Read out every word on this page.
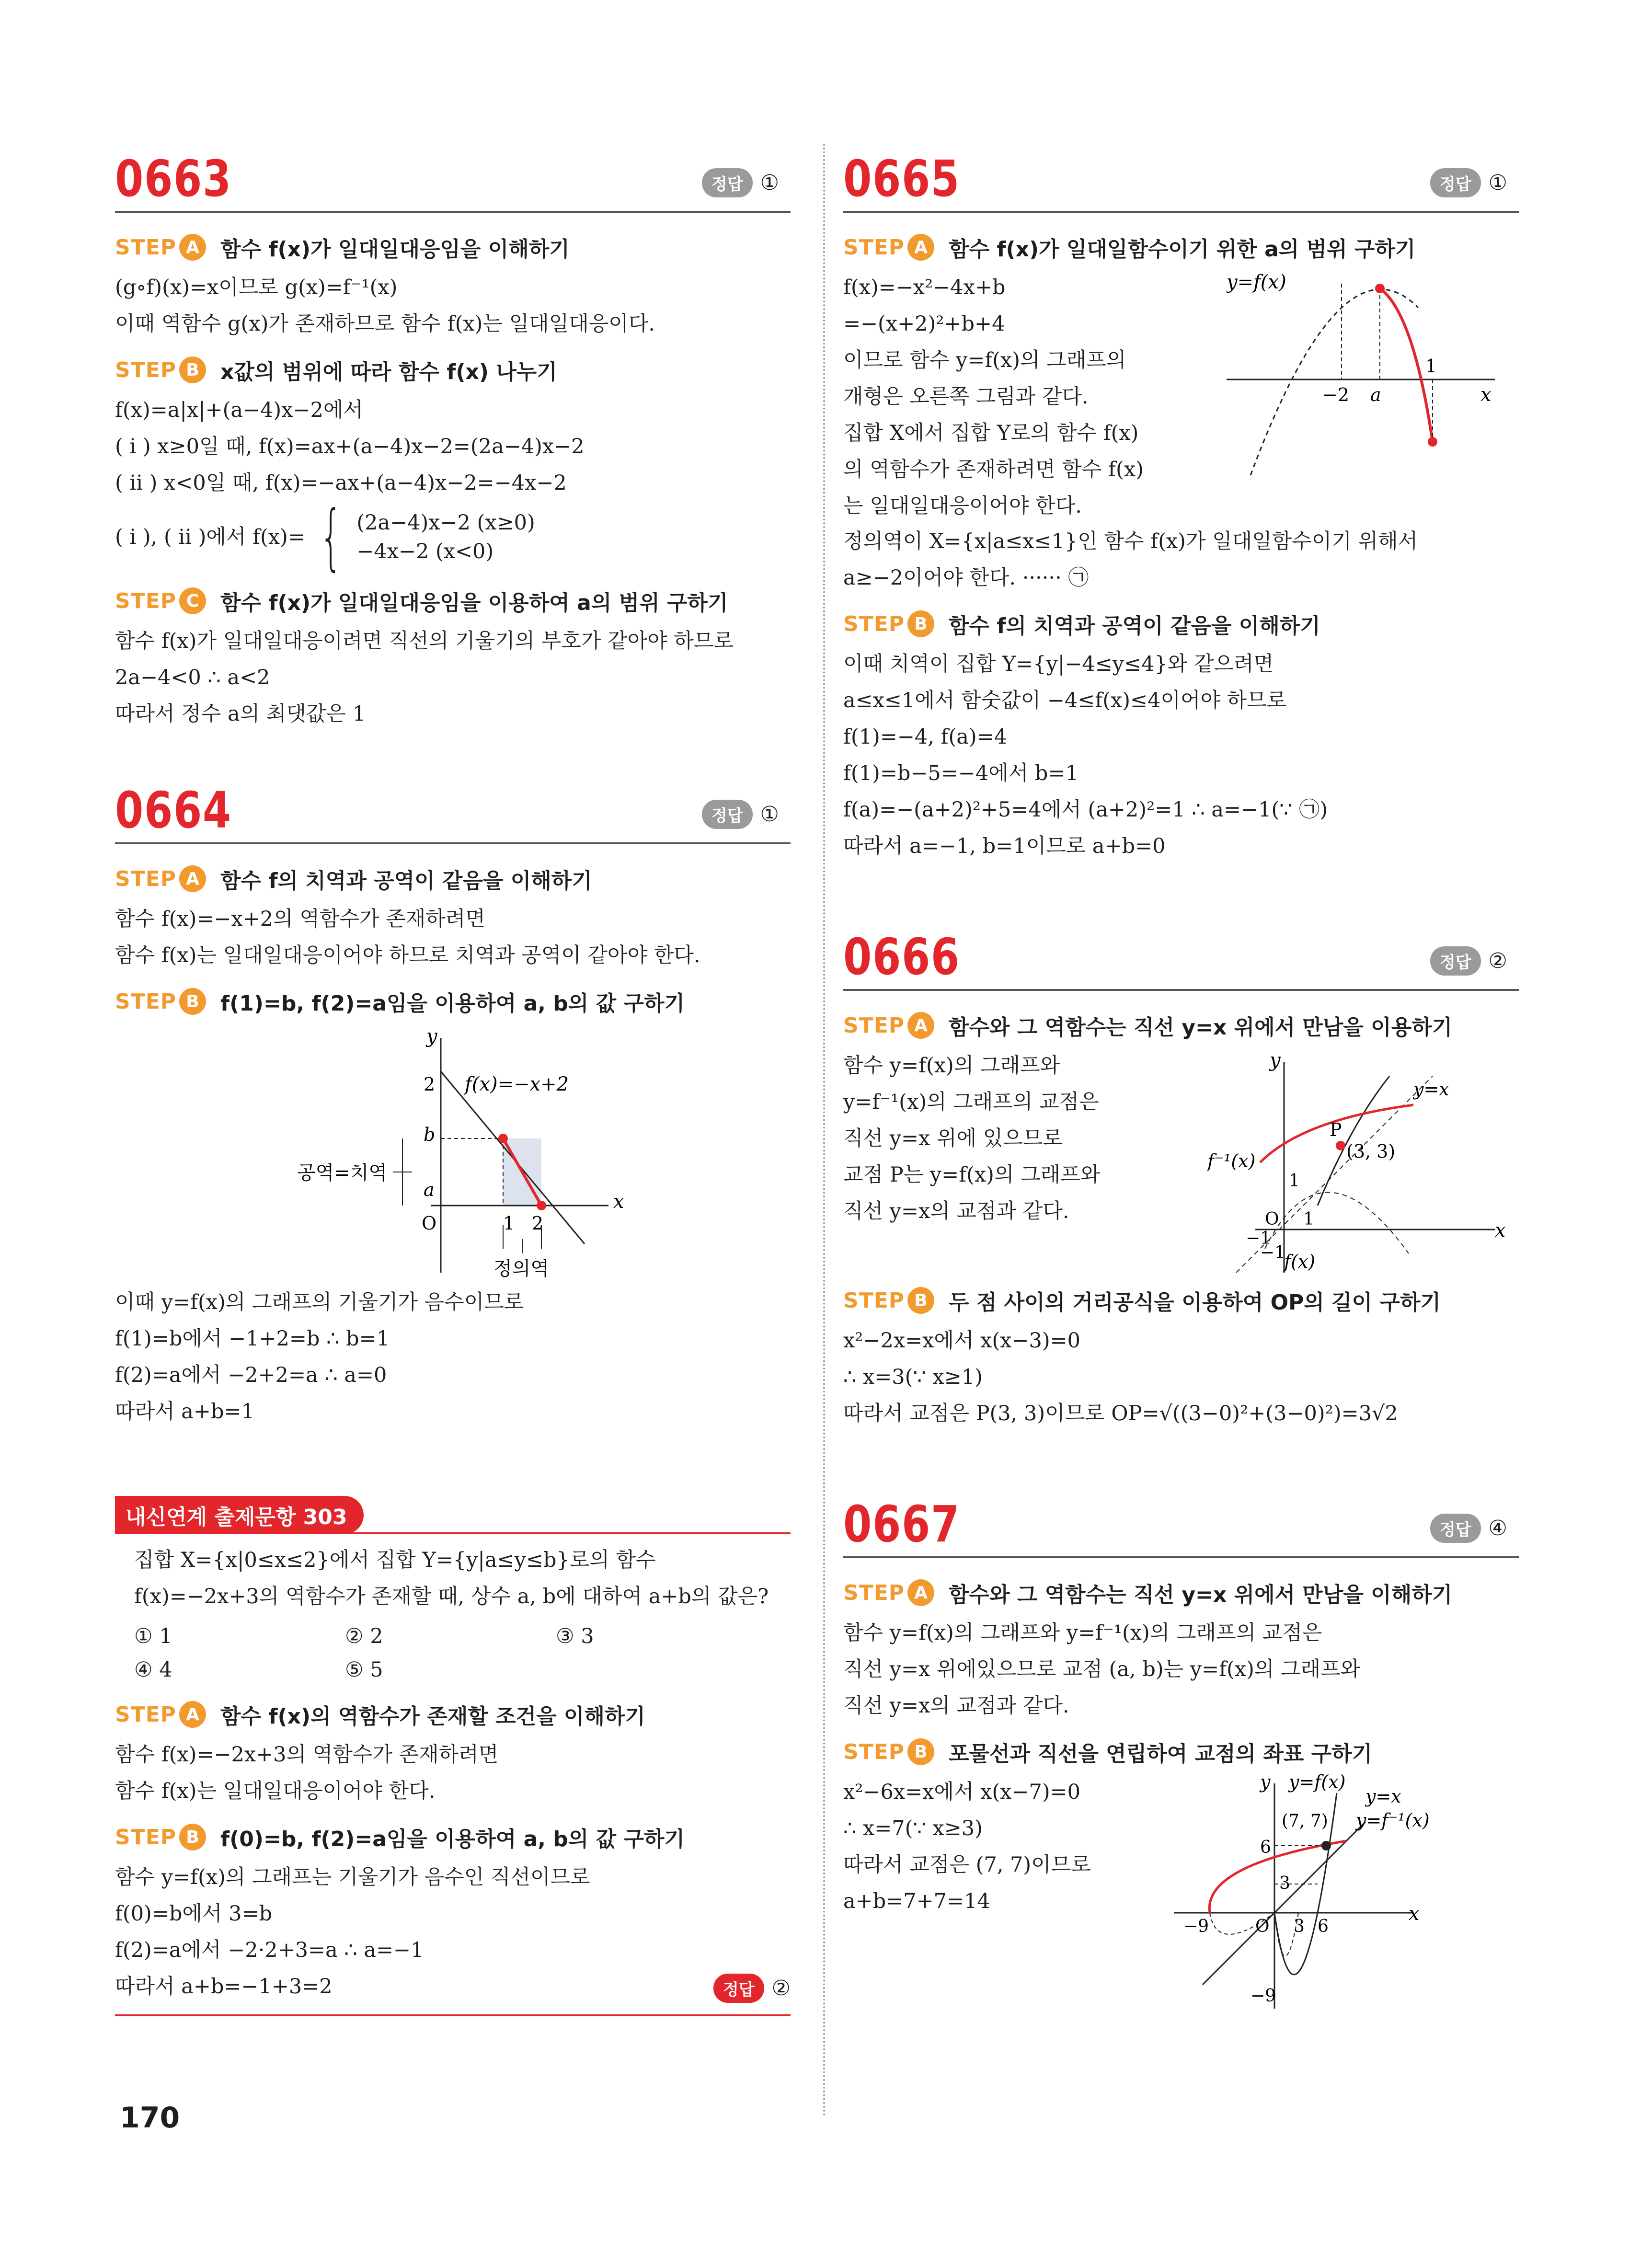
0663	정답 ①
STEP A	함수 f(x)가 일대일대응임을 이해하기
(g∘f)(x)=x이므로 g(x)=f⁻¹(x)
이때 역함수 g(x)가 존재하므로 함수 f(x)는 일대일대응이다.
STEP B	x값의 범위에 따라 함수 f(x) 나누기
f(x)=a|x|+(a−4)x−2에서
( i ) x≥0일 때, f(x)=ax+(a−4)x−2=(2a−4)x−2
( ii ) x<0일 때, f(x)=−ax+(a−4)x−2=−4x−2
( i ), ( ii )에서 f(x)= { (2a−4)x−2 (x≥0)
−4x−2 (x<0)
STEP C	함수 f(x)가 일대일대응임을 이용하여 a의 범위 구하기
함수 f(x)가 일대일대응이려면 직선의 기울기의 부호가 같아야 하므로
2a−4<0 ∴ a<2
따라서 정수 a의 최댓값은 1
0664	정답 ①
STEP A	함수 f의 치역과 공역이 같음을 이해하기
함수 f(x)=−x+2의 역함수가 존재하려면
함수 f(x)는 일대일대응이어야 하므로 치역과 공역이 같아야 한다.
STEP B	f(1)=b, f(2)=a임을 이용하여 a, b의 값 구하기
y
x
O	1 2
2
b
a
f(x)=−x+2
공역=치역
정의역
이때 y=f(x)의 그래프의 기울기가 음수이므로
f(1)=b에서 −1+2=b ∴ b=1
f(2)=a에서 −2+2=a ∴ a=0
따라서 a+b=1
내신연계 출제문항 303
집합 X={x|0≤x≤2}에서 집합 Y={y|a≤y≤b}로의 함수
f(x)=−2x+3의 역함수가 존재할 때, 상수 a, b에 대하여 a+b의 값은?
① 1	② 2	③ 3
④ 4	⑤ 5
STEP A	함수 f(x)의 역함수가 존재할 조건을 이해하기
함수 f(x)=−2x+3의 역함수가 존재하려면
함수 f(x)는 일대일대응이어야 한다.
STEP B	f(0)=b, f(2)=a임을 이용하여 a, b의 값 구하기
함수 y=f(x)의 그래프는 기울기가 음수인 직선이므로
f(0)=b에서 3=b
f(2)=a에서 −2·2+3=a ∴ a=−1
따라서 a+b=−1+3=2	정답 ②
0665	정답 ①
STEP A	함수 f(x)가 일대일함수이기 위한 a의 범위 구하기
f(x)=−x²−4x+b
=−(x+2)²+b+4
이므로 함수 y=f(x)의 그래프의
개형은 오른쪽 그림과 같다.
집합 X에서 집합 Y로의 함수 f(x)
의 역함수가 존재하려면 함수 f(x)
는 일대일대응이어야 한다.
y=f(x)
−2 a
1
x
정의역이 X={x|a≤x≤1}인 함수 f(x)가 일대일함수이기 위해서
a≥−2이어야 한다. ······ ㉠
STEP B	함수 f의 치역과 공역이 같음을 이해하기
이때 치역이 집합 Y={y|−4≤y≤4}와 같으려면
a≤x≤1에서 함숫값이 −4≤f(x)≤4이어야 하므로
f(1)=−4, f(a)=4
f(1)=b−5=−4에서 b=1
f(a)=−(a+2)²+5=4에서 (a+2)²=1 ∴ a=−1(∵ ㉠)
따라서 a=−1, b=1이므로 a+b=0
0666	정답 ②
STEP A	함수와 그 역함수는 직선 y=x 위에서 만남을 이용하기
함수 y=f(x)의 그래프와
y=f⁻¹(x)의 그래프의 교점은
직선 y=x 위에 있으므로
교점 P는 y=f(x)의 그래프와
직선 y=x의 교점과 같다.
y
x
y=x
P
(3, 3)
f⁻¹(x)
f(x)
O 1
1
−1
−1
STEP B	두 점 사이의 거리공식을 이용하여 OP의 길이 구하기
x²−2x=x에서 x(x−3)=0
∴ x=3(∵ x≥1)
따라서 교점은 P(3, 3)이므로 OP=√((3−0)²+(3−0)²)=3√2
0667	정답 ④
STEP A	함수와 그 역함수는 직선 y=x 위에서 만남을 이해하기
함수 y=f(x)의 그래프와 y=f⁻¹(x)의 그래프의 교점은
직선 y=x 위에있으므로 교점 (a, b)는 y=f(x)의 그래프와
직선 y=x의 교점과 같다.
STEP B	포물선과 직선을 연립하여 교점의 좌표 구하기
x²−6x=x에서 x(x−7)=0
∴ x=7(∵ x≥3)
따라서 교점은 (7, 7)이므로
a+b=7+7=14
y
x
y=f(x)
y=x
y=f⁻¹(x)
(7, 7)
6
3
−9	O 3 6
−9
170
